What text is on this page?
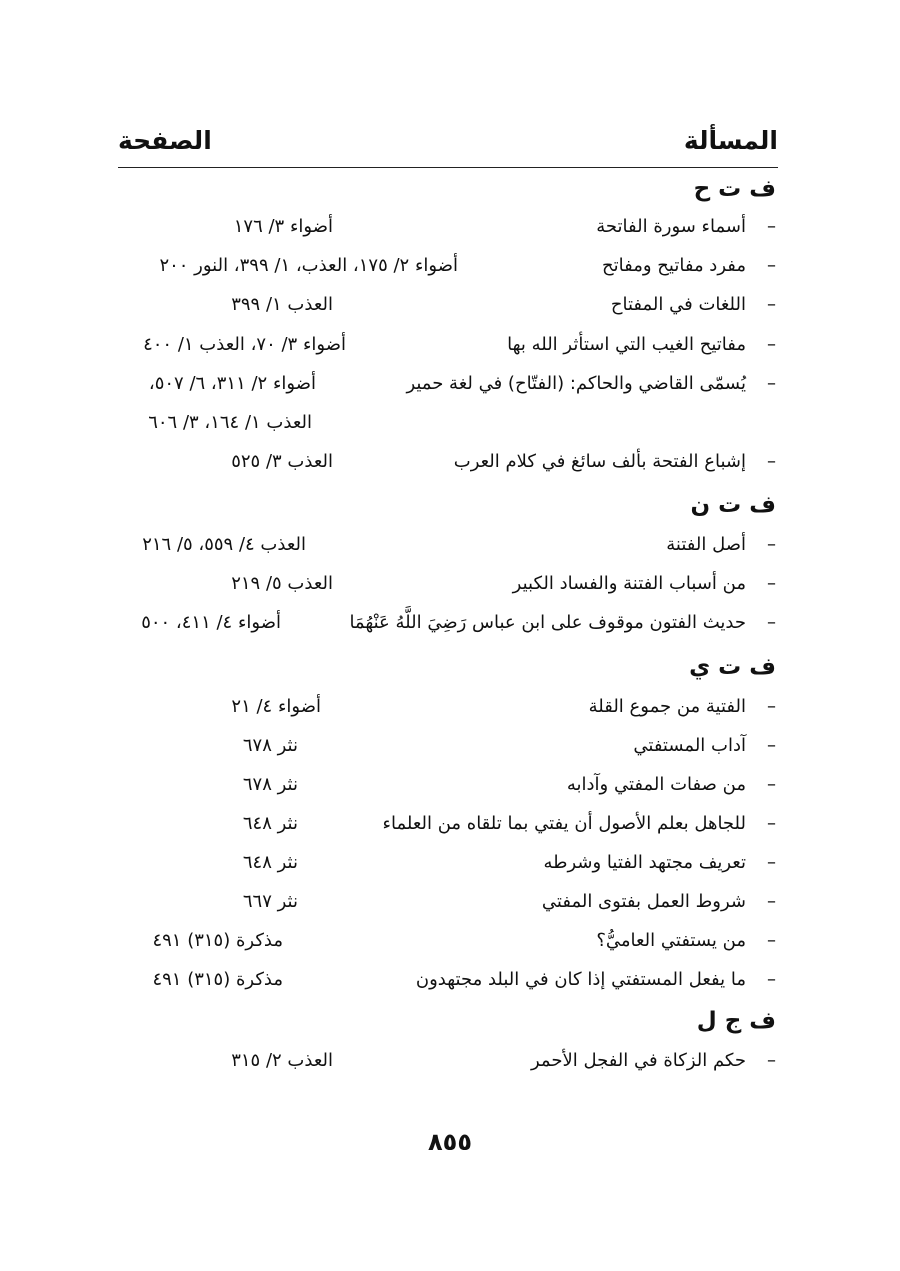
المسألة
الصفحة
ف ت ح
–
أسماء سورة الفاتحة
أضواء ٣/ ١٧٦
–
مفرد مفاتيح ومفاتح
أضواء ٢/ ١٧٥، العذب، ١/ ٣٩٩، النور ٢٠٠
–
اللغات في المفتاح
العذب ١/ ٣٩٩
–
مفاتيح الغيب التي استأثر الله بها
أضواء ٣/ ٧٠، العذب ١/ ٤٠٠
–
يُسمّى القاضي والحاكم: (الفتّاح) في لغة حمير
أضواء ٢/ ٣١١، ٦/ ٥٠٧،
العذب ١/ ١٦٤، ٣/ ٦٠٦
–
إشباع الفتحة بألف سائغ في كلام العرب
العذب ٣/ ٥٢٥
ف ت ن
–
أصل الفتنة
العذب ٤/ ٥٥٩، ٥/ ٢١٦
–
من أسباب الفتنة والفساد الكبير
العذب ٥/ ٢١٩
–
حديث الفتون موقوف على ابن عباس رَضِيَ اللَّهُ عَنْهُمَا
أضواء ٤/ ٤١١، ٥٠٠
ف ت ي
–
الفتية من جموع القلة
أضواء ٤/ ٢١
–
آداب المستفتي
نثر ٦٧٨
–
من صفات المفتي وآدابه
نثر ٦٧٨
–
للجاهل بعلم الأصول أن يفتي بما تلقاه من العلماء
نثر ٦٤٨
–
تعريف مجتهد الفتيا وشرطه
نثر ٦٤٨
–
شروط العمل بفتوى المفتي
نثر ٦٦٧
–
من يستفتي العاميُّ؟
مذكرة (٣١٥) ٤٩١
–
ما يفعل المستفتي إذا كان في البلد مجتهدون
مذكرة (٣١٥) ٤٩١
ف ج ل
–
حكم الزكاة في الفجل الأحمر
العذب ٢/ ٣١٥
٨٥٥
